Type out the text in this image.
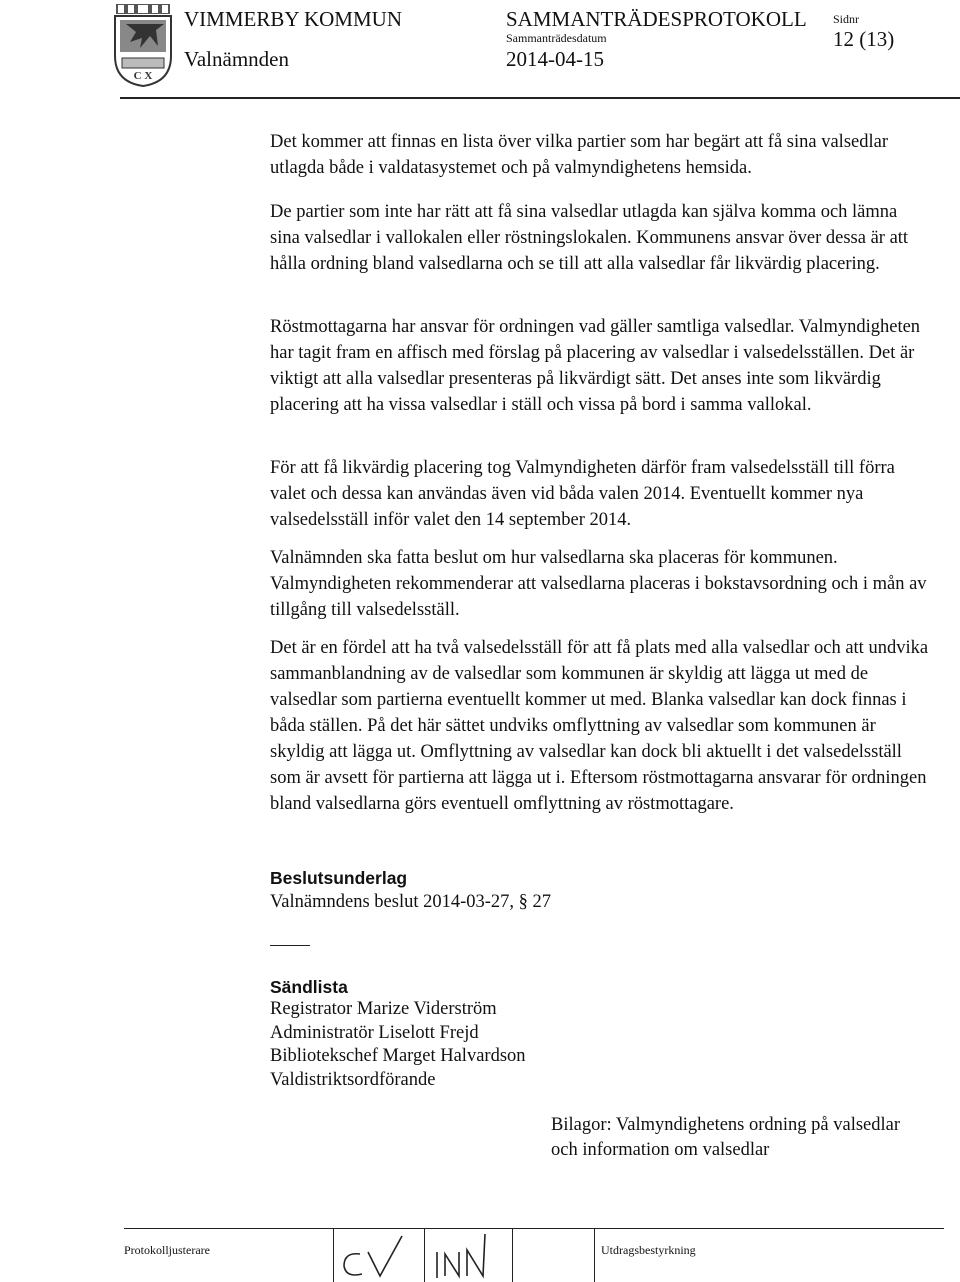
C X
VIMMERBY KOMMUN
Valnämnden
SAMMANTRÄDESPROTOKOLL
Sammanträdesdatum
2014-04-15
Sidnr
12 (13)

Det kommer att finnas en lista över vilka partier som har begärt att få sina valsedlar utlagda både i valdatasystemet och på valmyndighetens hemsida.

De partier som inte har rätt att få sina valsedlar utlagda kan själva komma och lämna sina valsedlar i vallokalen eller röstningslokalen. Kommunens ansvar över dessa är att hålla ordning bland valsedlarna och se till att alla valsedlar får likvärdig placering.

Röstmottagarna har ansvar för ordningen vad gäller samtliga valsedlar. Valmyndigheten har tagit fram en affisch med förslag på placering av valsedlar i valsedelsställen. Det är viktigt att alla valsedlar presenteras på likvärdigt sätt. Det anses inte som likvärdig placering att ha vissa valsedlar i ställ och vissa på bord i samma vallokal.

För att få likvärdig placering tog Valmyndigheten därför fram valsedelsställ till förra valet och dessa kan användas även vid båda valen 2014. Eventuellt kommer nya valsedelsställ inför valet den 14 september 2014.

Valnämnden ska fatta beslut om hur valsedlarna ska placeras för kommunen. Valmyndigheten rekommenderar att valsedlarna placeras i bokstavsordning och i mån av tillgång till valsedelsställ.

Det är en fördel att ha två valsedelsställ för att få plats med alla valsedlar och att undvika sammanblandning av de valsedlar som kommunen är skyldig att lägga ut med de valsedlar som partierna eventuellt kommer ut med. Blanka valsedlar kan dock finnas i båda ställen. På det här sättet undviks omflyttning av valsedlar som kommunen är skyldig att lägga ut. Omflyttning av valsedlar kan dock bli aktuellt i det valsedelsställ som är avsett för partierna att lägga ut i. Eftersom röstmottagarna ansvarar för ordningen bland valsedlarna görs eventuell omflyttning av röstmottagare.

Beslutsunderlag
Valnämndens beslut 2014-03-27, § 27
Sändlista
Registrator Marize Viderström
Administratör Liselott Frejd
Bibliotekschef Marget Halvardson
Valdistriktsordförande
Bilagor: Valmyndighetens ordning på valsedlar
och information om valsedlar
Protokolljusterare	Utdragsbestyrkning
